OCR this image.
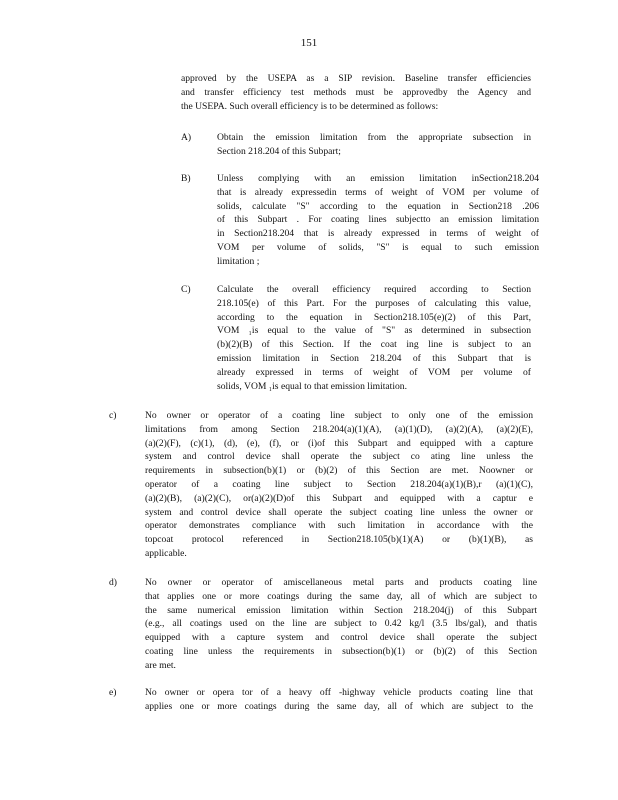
151
approved by the USEPA as a SIP revision. Baseline transfer efficiencies
and transfer efficiency test methods must be approvedby the Agency and
the USEPA. Such overall efficiency is to be determined as follows:
A)	Obtain the emission limitation from the appropriate subsection in
Section 218.204 of this Subpart;
B)	Unless complying with an emission limitation inSection218.204
that is already expressedin terms of weight of VOM per volume of
solids, calculate "S" according to the equation in Section218 .206
of this Subpart . For coating lines subjectto an emission limitation
in Section218.204 that is already expressed in terms of weight of
VOM per volume of solids, "S" is equal to such emission
limitation ;
C)	Calculate the overall efficiency required according to Section
218.105(e) of this Part. For the purposes of calculating this value,
according to the equation in Section218.105(e)(2) of this Part,
VOM ₁is equal to the value of "S" as determined in subsection
(b)(2)(B) of this Section. If the coat ing line is subject to an
emission limitation in Section 218.204 of this Subpart that is
already expressed in terms of weight of VOM per volume of
solids, VOM ₁is equal to that emission limitation.
c)	No owner or operator of a coating line subject to only one of the emission
limitations from among Section 218.204(a)(1)(A), (a)(1)(D), (a)(2)(A), (a)(2)(E),
(a)(2)(F), (c)(1), (d), (e), (f), or (i)of this Subpart and equipped with a capture
system and control device shall operate the subject co ating line unless the
requirements in subsection(b)(1) or (b)(2) of this Section are met. Noowner or
operator of a coating line subject to Section 218.204(a)(1)(B),r (a)(1)(C),
(a)(2)(B), (a)(2)(C), or(a)(2)(D)of this Subpart and equipped with a captur e
system and control device shall operate the subject coating line unless the owner or
operator demonstrates compliance with such limitation in accordance with the
topcoat protocol referenced in Section218.105(b)(1)(A) or (b)(1)(B), as
applicable.
d)	No owner or operator of amiscellaneous metal parts and products coating line
that applies one or more coatings during the same day, all of which are subject to
the same numerical emission limitation within Section 218.204(j) of this Subpart
(e.g., all coatings used on the line are subject to 0.42 kg/l (3.5 lbs/gal), and thatis
equipped with a capture system and control device shall operate the subject
coating line unless the requirements in subsection(b)(1) or (b)(2) of this Section
are met.
e)	No owner or opera tor of a heavy off -highway vehicle products coating line that
applies one or more coatings during the same day, all of which are subject to the
